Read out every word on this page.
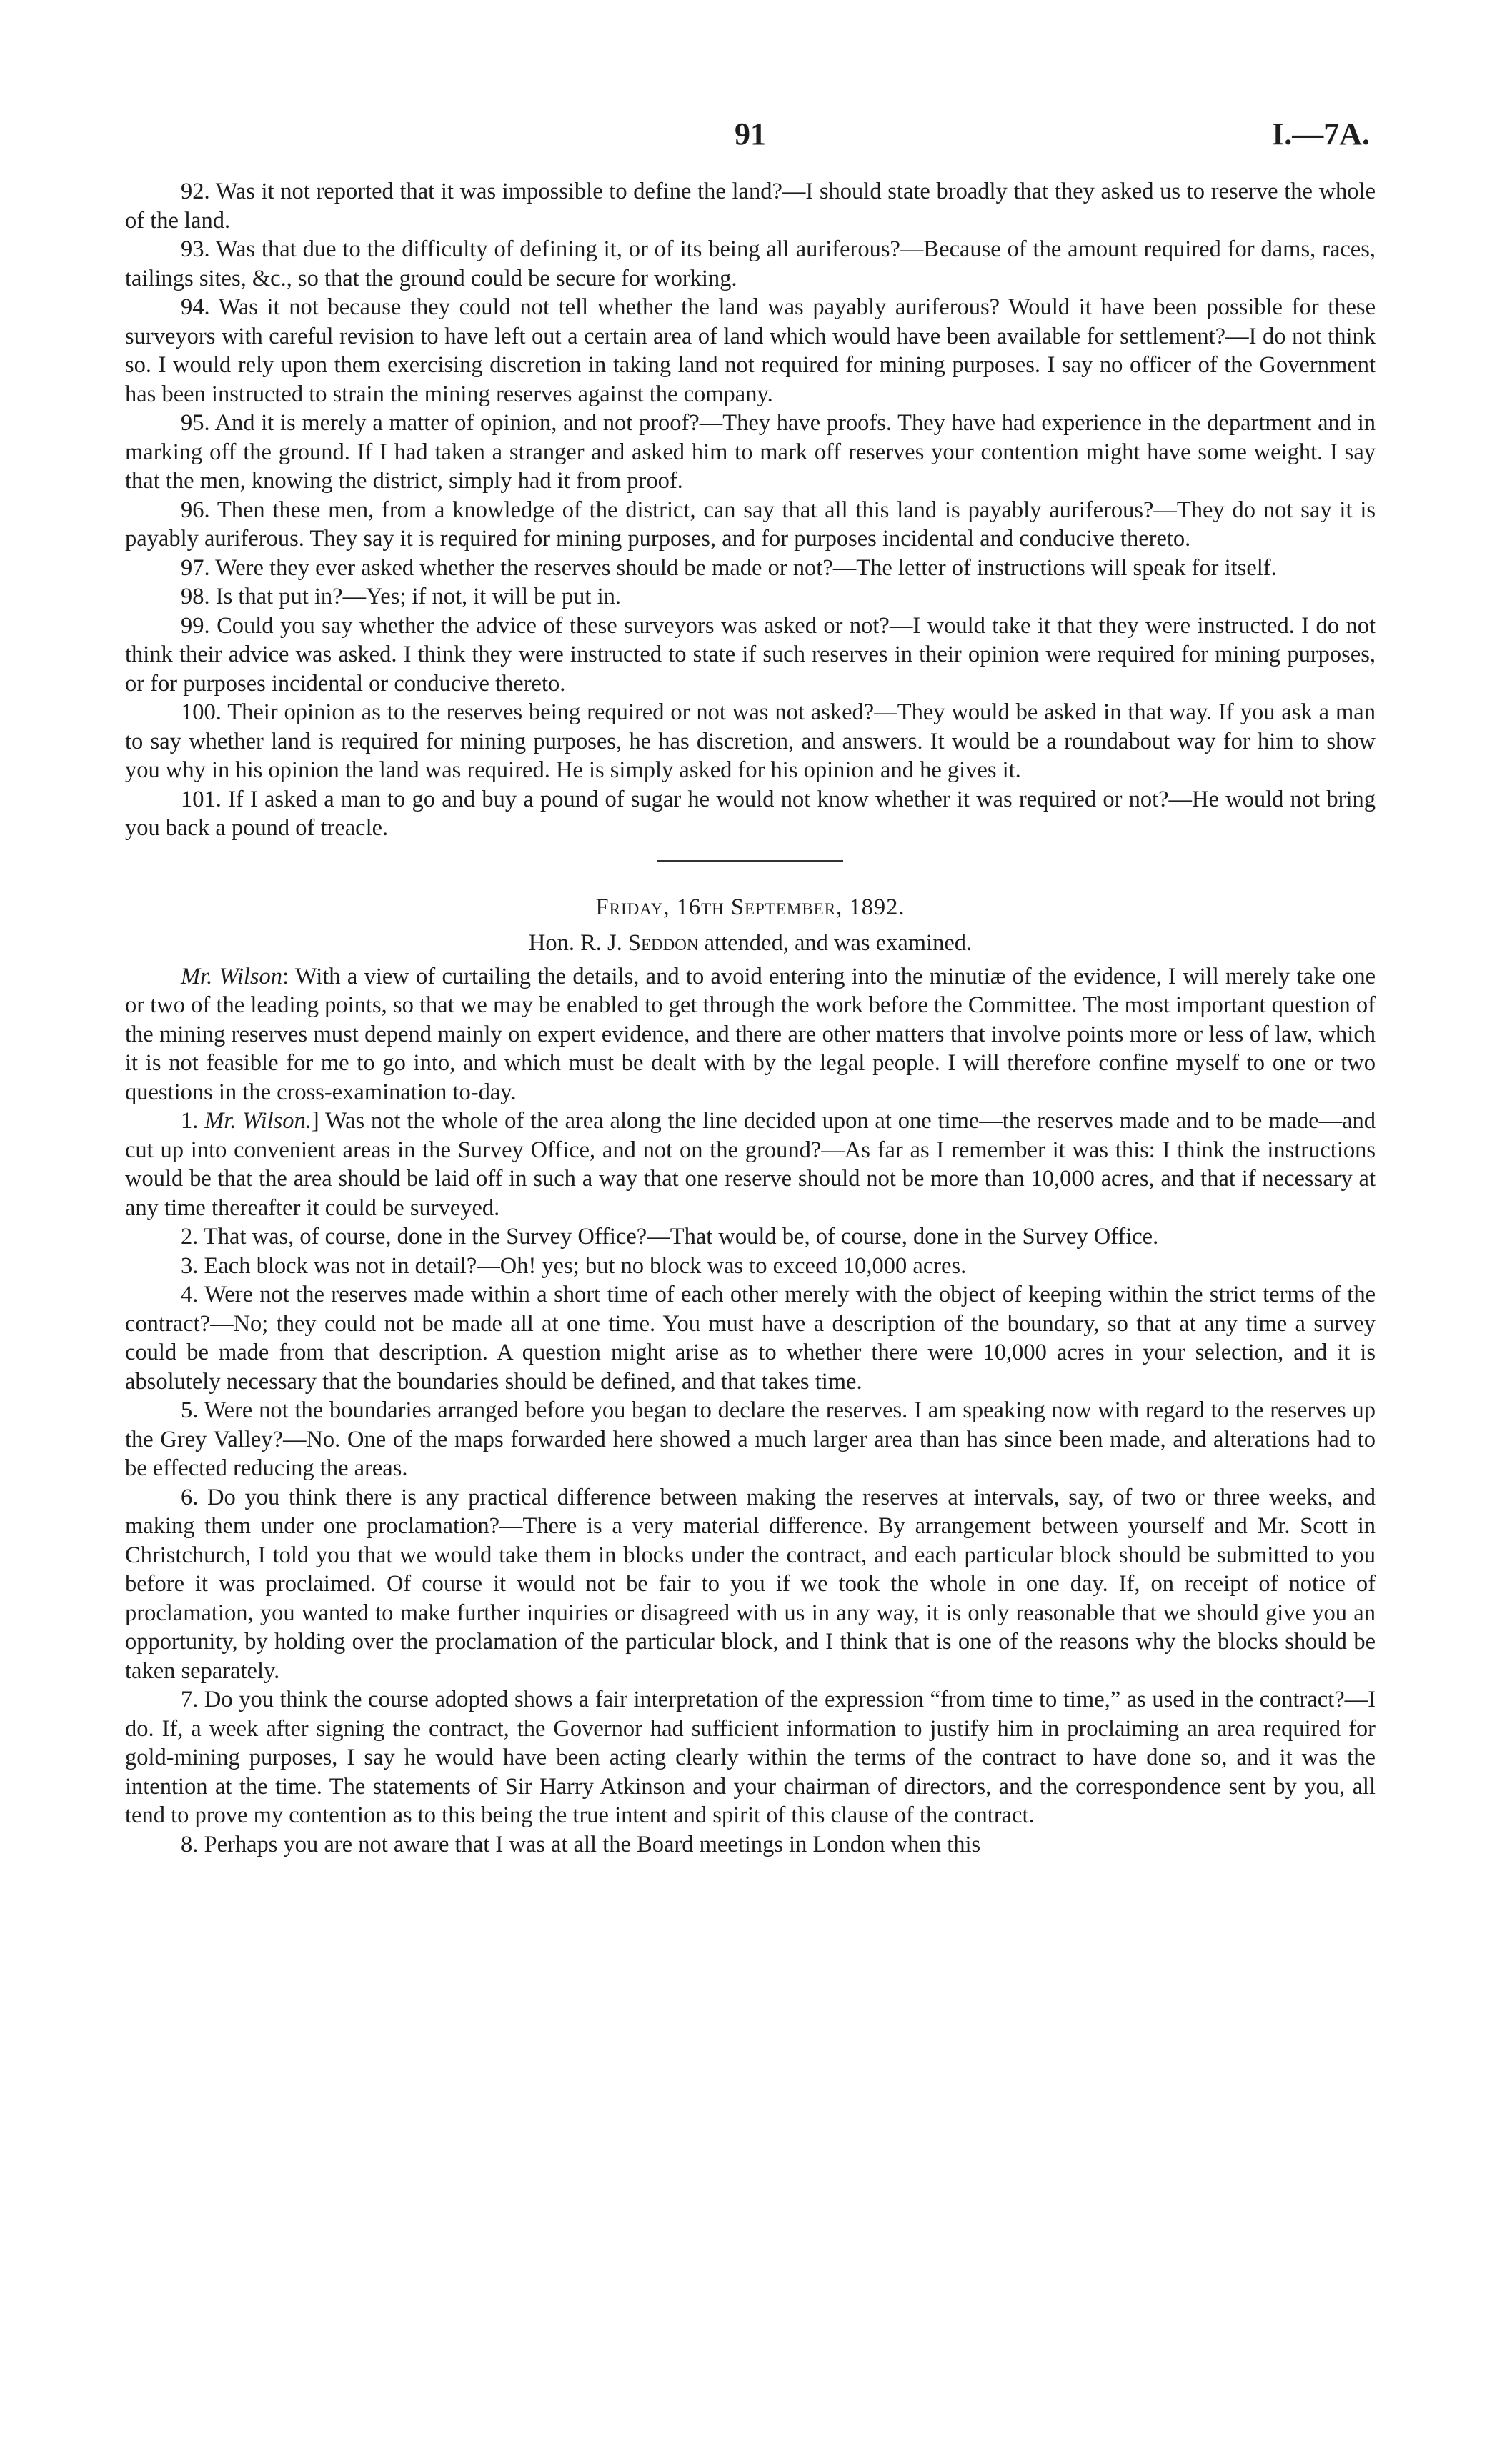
91	I.—7A.

92. Was it not reported that it was impossible to define the land?—I should state broadly that they asked us to reserve the whole of the land.

93. Was that due to the difficulty of defining it, or of its being all auriferous?—Because of the amount required for dams, races, tailings sites, &c., so that the ground could be secure for working.

94. Was it not because they could not tell whether the land was payably auriferous? Would it have been possible for these surveyors with careful revision to have left out a certain area of land which would have been available for settlement?—I do not think so. I would rely upon them exercising discretion in taking land not required for mining purposes. I say no officer of the Government has been instructed to strain the mining reserves against the company.

95. And it is merely a matter of opinion, and not proof?—They have proofs. They have had experience in the department and in marking off the ground. If I had taken a stranger and asked him to mark off reserves your contention might have some weight. I say that the men, knowing the district, simply had it from proof.

96. Then these men, from a knowledge of the district, can say that all this land is payably auriferous?—They do not say it is payably auriferous. They say it is required for mining purposes, and for purposes incidental and conducive thereto.

97. Were they ever asked whether the reserves should be made or not?—The letter of instructions will speak for itself.

98. Is that put in?—Yes; if not, it will be put in.

99. Could you say whether the advice of these surveyors was asked or not?—I would take it that they were instructed. I do not think their advice was asked. I think they were instructed to state if such reserves in their opinion were required for mining purposes, or for purposes incidental or conducive thereto.

100. Their opinion as to the reserves being required or not was not asked?—They would be asked in that way. If you ask a man to say whether land is required for mining purposes, he has discretion, and answers. It would be a roundabout way for him to show you why in his opinion the land was required. He is simply asked for his opinion and he gives it.

101. If I asked a man to go and buy a pound of sugar he would not know whether it was required or not?—He would not bring you back a pound of treacle.

Friday, 16th September, 1892.

Hon. R. J. Seddon attended, and was examined.

Mr. Wilson: With a view of curtailing the details, and to avoid entering into the minutiæ of the evidence, I will merely take one or two of the leading points, so that we may be enabled to get through the work before the Committee. The most important question of the mining reserves must depend mainly on expert evidence, and there are other matters that involve points more or less of law, which it is not feasible for me to go into, and which must be dealt with by the legal people. I will therefore confine myself to one or two questions in the cross-examination to-day.

1. Mr. Wilson.] Was not the whole of the area along the line decided upon at one time—the reserves made and to be made—and cut up into convenient areas in the Survey Office, and not on the ground?—As far as I remember it was this: I think the instructions would be that the area should be laid off in such a way that one reserve should not be more than 10,000 acres, and that if necessary at any time thereafter it could be surveyed.

2. That was, of course, done in the Survey Office?—That would be, of course, done in the Survey Office.

3. Each block was not in detail?—Oh! yes; but no block was to exceed 10,000 acres.

4. Were not the reserves made within a short time of each other merely with the object of keeping within the strict terms of the contract?—No; they could not be made all at one time. You must have a description of the boundary, so that at any time a survey could be made from that description. A question might arise as to whether there were 10,000 acres in your selection, and it is absolutely necessary that the boundaries should be defined, and that takes time.

5. Were not the boundaries arranged before you began to declare the reserves. I am speaking now with regard to the reserves up the Grey Valley?—No. One of the maps forwarded here showed a much larger area than has since been made, and alterations had to be effected reducing the areas.

6. Do you think there is any practical difference between making the reserves at intervals, say, of two or three weeks, and making them under one proclamation?—There is a very material difference. By arrangement between yourself and Mr. Scott in Christchurch, I told you that we would take them in blocks under the contract, and each particular block should be submitted to you before it was proclaimed. Of course it would not be fair to you if we took the whole in one day. If, on receipt of notice of proclamation, you wanted to make further inquiries or disagreed with us in any way, it is only reasonable that we should give you an opportunity, by holding over the proclamation of the particular block, and I think that is one of the reasons why the blocks should be taken separately.

7. Do you think the course adopted shows a fair interpretation of the expression “from time to time,” as used in the contract?—I do. If, a week after signing the contract, the Governor had sufficient information to justify him in proclaiming an area required for gold-mining purposes, I say he would have been acting clearly within the terms of the contract to have done so, and it was the intention at the time. The statements of Sir Harry Atkinson and your chairman of directors, and the correspondence sent by you, all tend to prove my contention as to this being the true intent and spirit of this clause of the contract.

8. Perhaps you are not aware that I was at all the Board meetings in London when this
